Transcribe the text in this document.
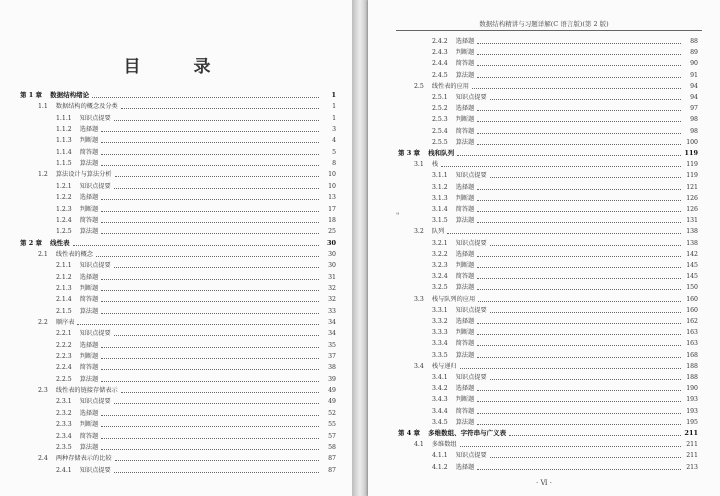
目　录
第 1 章 数据结构绪论	1
1.1 数据结构的概念及分类	1
1.1.1 知识点提要	1
1.1.2 选择题	3
1.1.3 判断题	4
1.1.4 简答题	5
1.1.5 算法题	8
1.2 算法设计与算法分析	10
1.2.1 知识点提要	10
1.2.2 选择题	13
1.2.3 判断题	17
1.2.4 简答题	18
1.2.5 算法题	25
第 2 章 线性表	30
2.1 线性表的概念	30
2.1.1 知识点提要	30
2.1.2 选择题	31
2.1.3 判断题	32
2.1.4 简答题	32
2.1.5 算法题	33
2.2 顺序表	34
2.2.1 知识点提要	34
2.2.2 选择题	35
2.2.3 判断题	37
2.2.4 简答题	38
2.2.5 算法题	39
2.3 线性表的链接存储表示	49
2.3.1 知识点提要	49
2.3.2 选择题	52
2.3.3 判断题	55
2.3.4 简答题	57
2.3.5 算法题	58
2.4 两种存储表示的比较	87
2.4.1 知识点提要	87
数据结构精讲与习题详解(C 语言版)(第 2 版)
2.4.2 选择题	88
2.4.3 判断题	89
2.4.4 简答题	90
2.4.5 算法题	91
2.5 线性表的应用	94
2.5.1 知识点提要	94
2.5.2 选择题	97
2.5.3 判断题	98
2.5.4 简答题	98
2.5.5 算法题	100
第 3 章 栈和队列	119
3.1 栈	119
3.1.1 知识点提要	119
3.1.2 选择题	121
3.1.3 判断题	126
3.1.4 简答题	126
3.1.5 算法题	131
3.2 队列	138
3.2.1 知识点提要	138
3.2.2 选择题	142
3.2.3 判断题	145
3.2.4 简答题	145
3.2.5 算法题	150
3.3 栈与队列的应用	160
3.3.1 知识点提要	160
3.3.2 选择题	162
3.3.3 判断题	163
3.3.4 简答题	163
3.3.5 算法题	168
3.4 栈与递归	188
3.4.1 知识点提要	188
3.4.2 选择题	190
3.4.3 判断题	193
3.4.4 简答题	193
3.4.5 算法题	195
第 4 章 多维数组、字符串与广义表	211
4.1 多维数组	211
4.1.1 知识点提要	211
4.1.2 选择题	213
"
· Ⅵ ·
